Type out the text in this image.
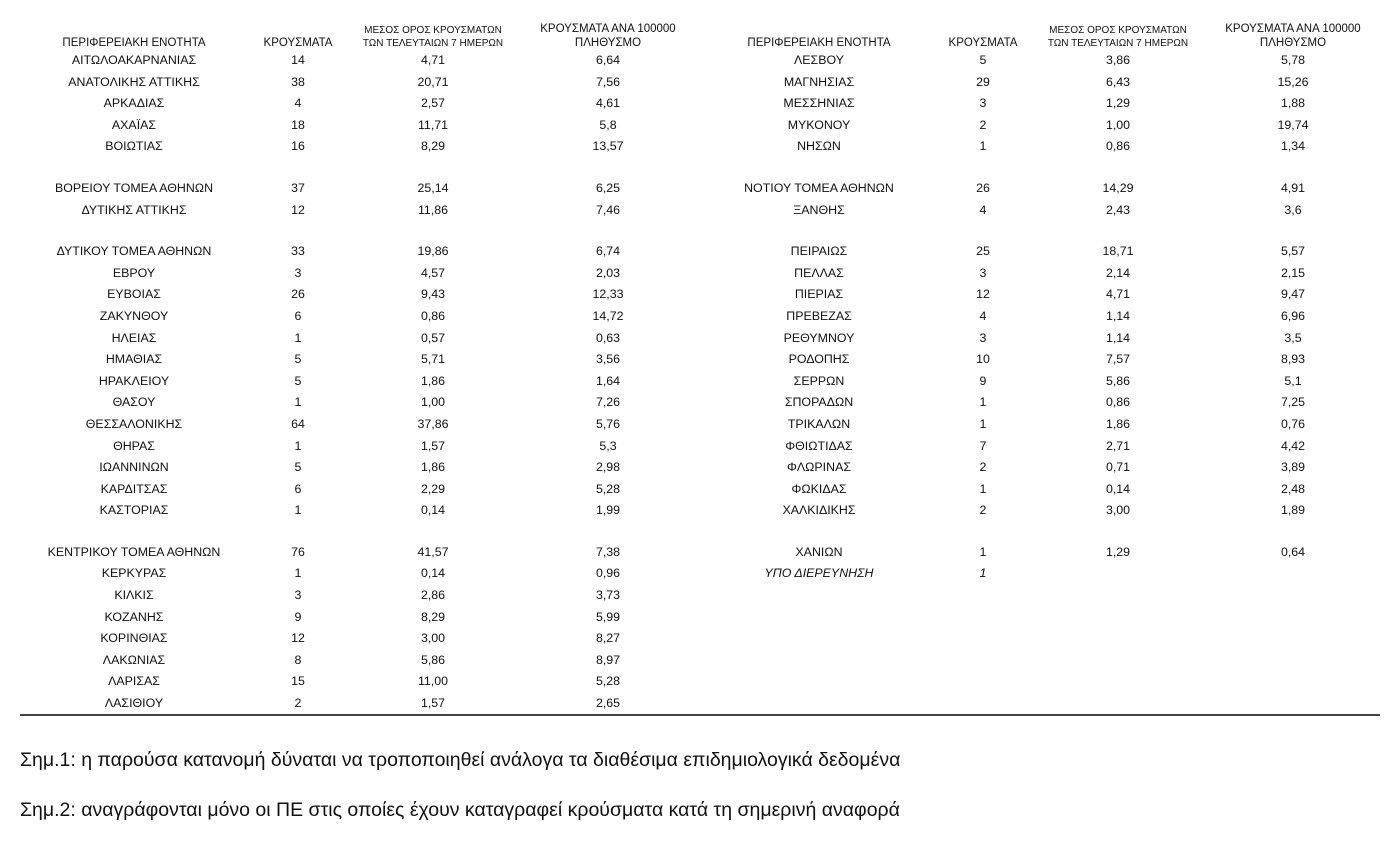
ΠΕΡΙΦΕΡΕΙΑΚΗ ΕΝΟΤΗΤΑ	ΚΡΟΥΣΜΑΤΑ
ΜΕΣΟΣ ΟΡΟΣ ΚΡΟΥΣΜΑΤΩΝ
ΤΩΝ ΤΕΛΕΥΤΑΙΩΝ 7 ΗΜΕΡΩΝ
ΚΡΟΥΣΜΑΤΑ ΑΝΑ 100000
ΠΛΗΘΥΣΜΟ
ΑΙΤΩΛΟΑΚΑΡΝΑΝΙΑΣ	14	4,71	6,64
ΑΝΑΤΟΛΙΚΗΣ ΑΤΤΙΚΗΣ	38	20,71	7,56
ΑΡΚΑΔΙΑΣ	4	2,57	4,61
ΑΧΑΪΑΣ	18	11,71	5,8
ΒΟΙΩΤΙΑΣ	16	8,29	13,57
ΒΟΡΕΙΟΥ ΤΟΜΕΑ ΑΘΗΝΩΝ	37	25,14	6,25
ΔΥΤΙΚΗΣ ΑΤΤΙΚΗΣ	12	11,86	7,46
ΔΥΤΙΚΟΥ ΤΟΜΕΑ ΑΘΗΝΩΝ	33	19,86	6,74
ΕΒΡΟΥ	3	4,57	2,03
ΕΥΒΟΙΑΣ	26	9,43	12,33
ΖΑΚΥΝΘΟΥ	6	0,86	14,72
ΗΛΕΙΑΣ	1	0,57	0,63
ΗΜΑΘΙΑΣ	5	5,71	3,56
ΗΡΑΚΛΕΙΟΥ	5	1,86	1,64
ΘΑΣΟΥ	1	1,00	7,26
ΘΕΣΣΑΛΟΝΙΚΗΣ	64	37,86	5,76
ΘΗΡΑΣ	1	1,57	5,3
ΙΩΑΝΝΙΝΩΝ	5	1,86	2,98
ΚΑΡΔΙΤΣΑΣ	6	2,29	5,28
ΚΑΣΤΟΡΙΑΣ	1	0,14	1,99
ΚΕΝΤΡΙΚΟΥ ΤΟΜΕΑ ΑΘΗΝΩΝ	76	41,57	7,38
ΚΕΡΚΥΡΑΣ	1	0,14	0,96
ΚΙΛΚΙΣ	3	2,86	3,73
ΚΟΖΑΝΗΣ	9	8,29	5,99
ΚΟΡΙΝΘΙΑΣ	12	3,00	8,27
ΛΑΚΩΝΙΑΣ	8	5,86	8,97
ΛΑΡΙΣΑΣ	15	11,00	5,28
ΛΑΣΙΘΙΟΥ	2	1,57	2,65
ΠΕΡΙΦΕΡΕΙΑΚΗ ΕΝΟΤΗΤΑ	ΚΡΟΥΣΜΑΤΑ
ΜΕΣΟΣ ΟΡΟΣ ΚΡΟΥΣΜΑΤΩΝ
ΤΩΝ ΤΕΛΕΥΤΑΙΩΝ 7 ΗΜΕΡΩΝ
ΚΡΟΥΣΜΑΤΑ ΑΝΑ 100000
ΠΛΗΘΥΣΜΟ
ΛΕΣΒΟΥ	5	3,86	5,78
ΜΑΓΝΗΣΙΑΣ	29	6,43	15,26
ΜΕΣΣΗΝΙΑΣ	3	1,29	1,88
ΜΥΚΟΝΟΥ	2	1,00	19,74
ΝΗΣΩΝ	1	0,86	1,34
ΝΟΤΙΟΥ ΤΟΜΕΑ ΑΘΗΝΩΝ	26	14,29	4,91
ΞΑΝΘΗΣ	4	2,43	3,6
ΠΕΙΡΑΙΩΣ	25	18,71	5,57
ΠΕΛΛΑΣ	3	2,14	2,15
ΠΙΕΡΙΑΣ	12	4,71	9,47
ΠΡΕΒΕΖΑΣ	4	1,14	6,96
ΡΕΘΥΜΝΟΥ	3	1,14	3,5
ΡΟΔΟΠΗΣ	10	7,57	8,93
ΣΕΡΡΩΝ	9	5,86	5,1
ΣΠΟΡΑΔΩΝ	1	0,86	7,25
ΤΡΙΚΑΛΩΝ	1	1,86	0,76
ΦΘΙΩΤΙΔΑΣ	7	2,71	4,42
ΦΛΩΡΙΝΑΣ	2	0,71	3,89
ΦΩΚΙΔΑΣ	1	0,14	2,48
ΧΑΛΚΙΔΙΚΗΣ	2	3,00	1,89
ΧΑΝΙΩΝ	1	1,29	0,64
ΥΠΟ ΔΙΕΡΕΥΝΗΣΗ	1
Σημ.1: η παρούσα κατανομή δύναται να τροποποιηθεί ανάλογα τα διαθέσιμα επιδημιολογικά δεδομένα
Σημ.2: αναγράφονται μόνο οι ΠΕ στις οποίες έχουν καταγραφεί κρούσματα κατά τη σημερινή αναφορά
